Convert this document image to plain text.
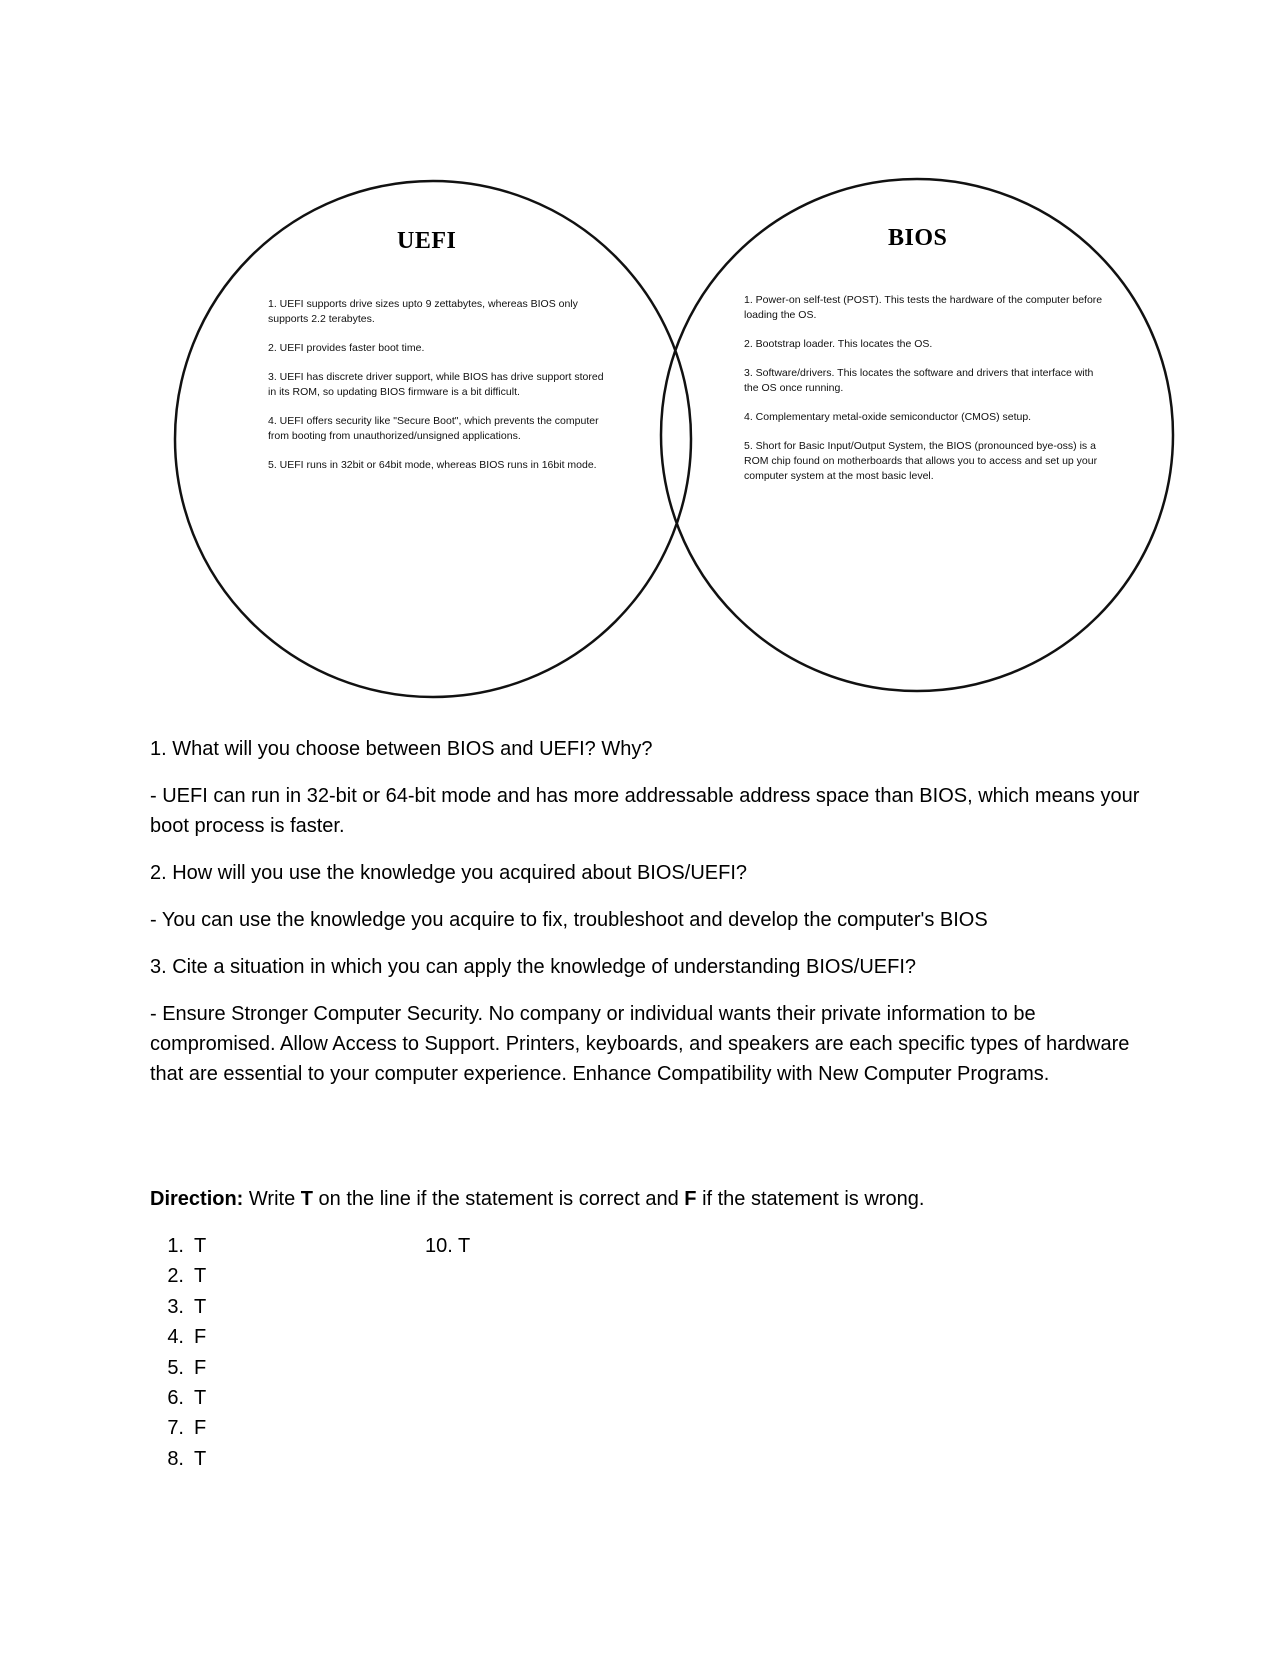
UEFI
1. UEFI supports drive sizes upto 9 zettabytes, whereas BIOS only supports 2.2 terabytes.
2. UEFI provides faster boot time.
3. UEFI has discrete driver support, while BIOS has drive support stored in its ROM, so updating BIOS firmware is a bit difficult.
4. UEFI offers security like "Secure Boot", which prevents the computer from booting from unauthorized/unsigned applications.
5. UEFI runs in 32bit or 64bit mode, whereas BIOS runs in 16bit mode.
BIOS
1. Power-on self-test (POST). This tests the hardware of the computer before loading the OS.
2. Bootstrap loader. This locates the OS.
3. Software/drivers. This locates the software and drivers that interface with the OS once running.
4. Complementary metal-oxide semiconductor (CMOS) setup.
5. Short for Basic Input/Output System, the BIOS (pronounced bye-oss) is a ROM chip found on motherboards that allows you to access and set up your computer system at the most basic level.

1. What will you choose between BIOS and UEFI? Why?

- UEFI can run in 32-bit or 64-bit mode and has more addressable address space than BIOS, which means your boot process is faster.

2. How will you use the knowledge you acquired about BIOS/UEFI?

- You can use the knowledge you acquire to fix, troubleshoot and develop the computer's BIOS

3. Cite a situation in which you can apply the knowledge of understanding BIOS/UEFI?

- Ensure Stronger Computer Security. No company or individual wants their private information to be compromised. Allow Access to Support. Printers, keyboards, and speakers are each specific types of hardware that are essential to your computer experience. Enhance Compatibility with New Computer Programs.

Direction: Write T on the line if the statement is correct and F if the statement is wrong.

1. T
2. T
3. T
4. F
5. F
6. T
7. F
8. T
10. T
